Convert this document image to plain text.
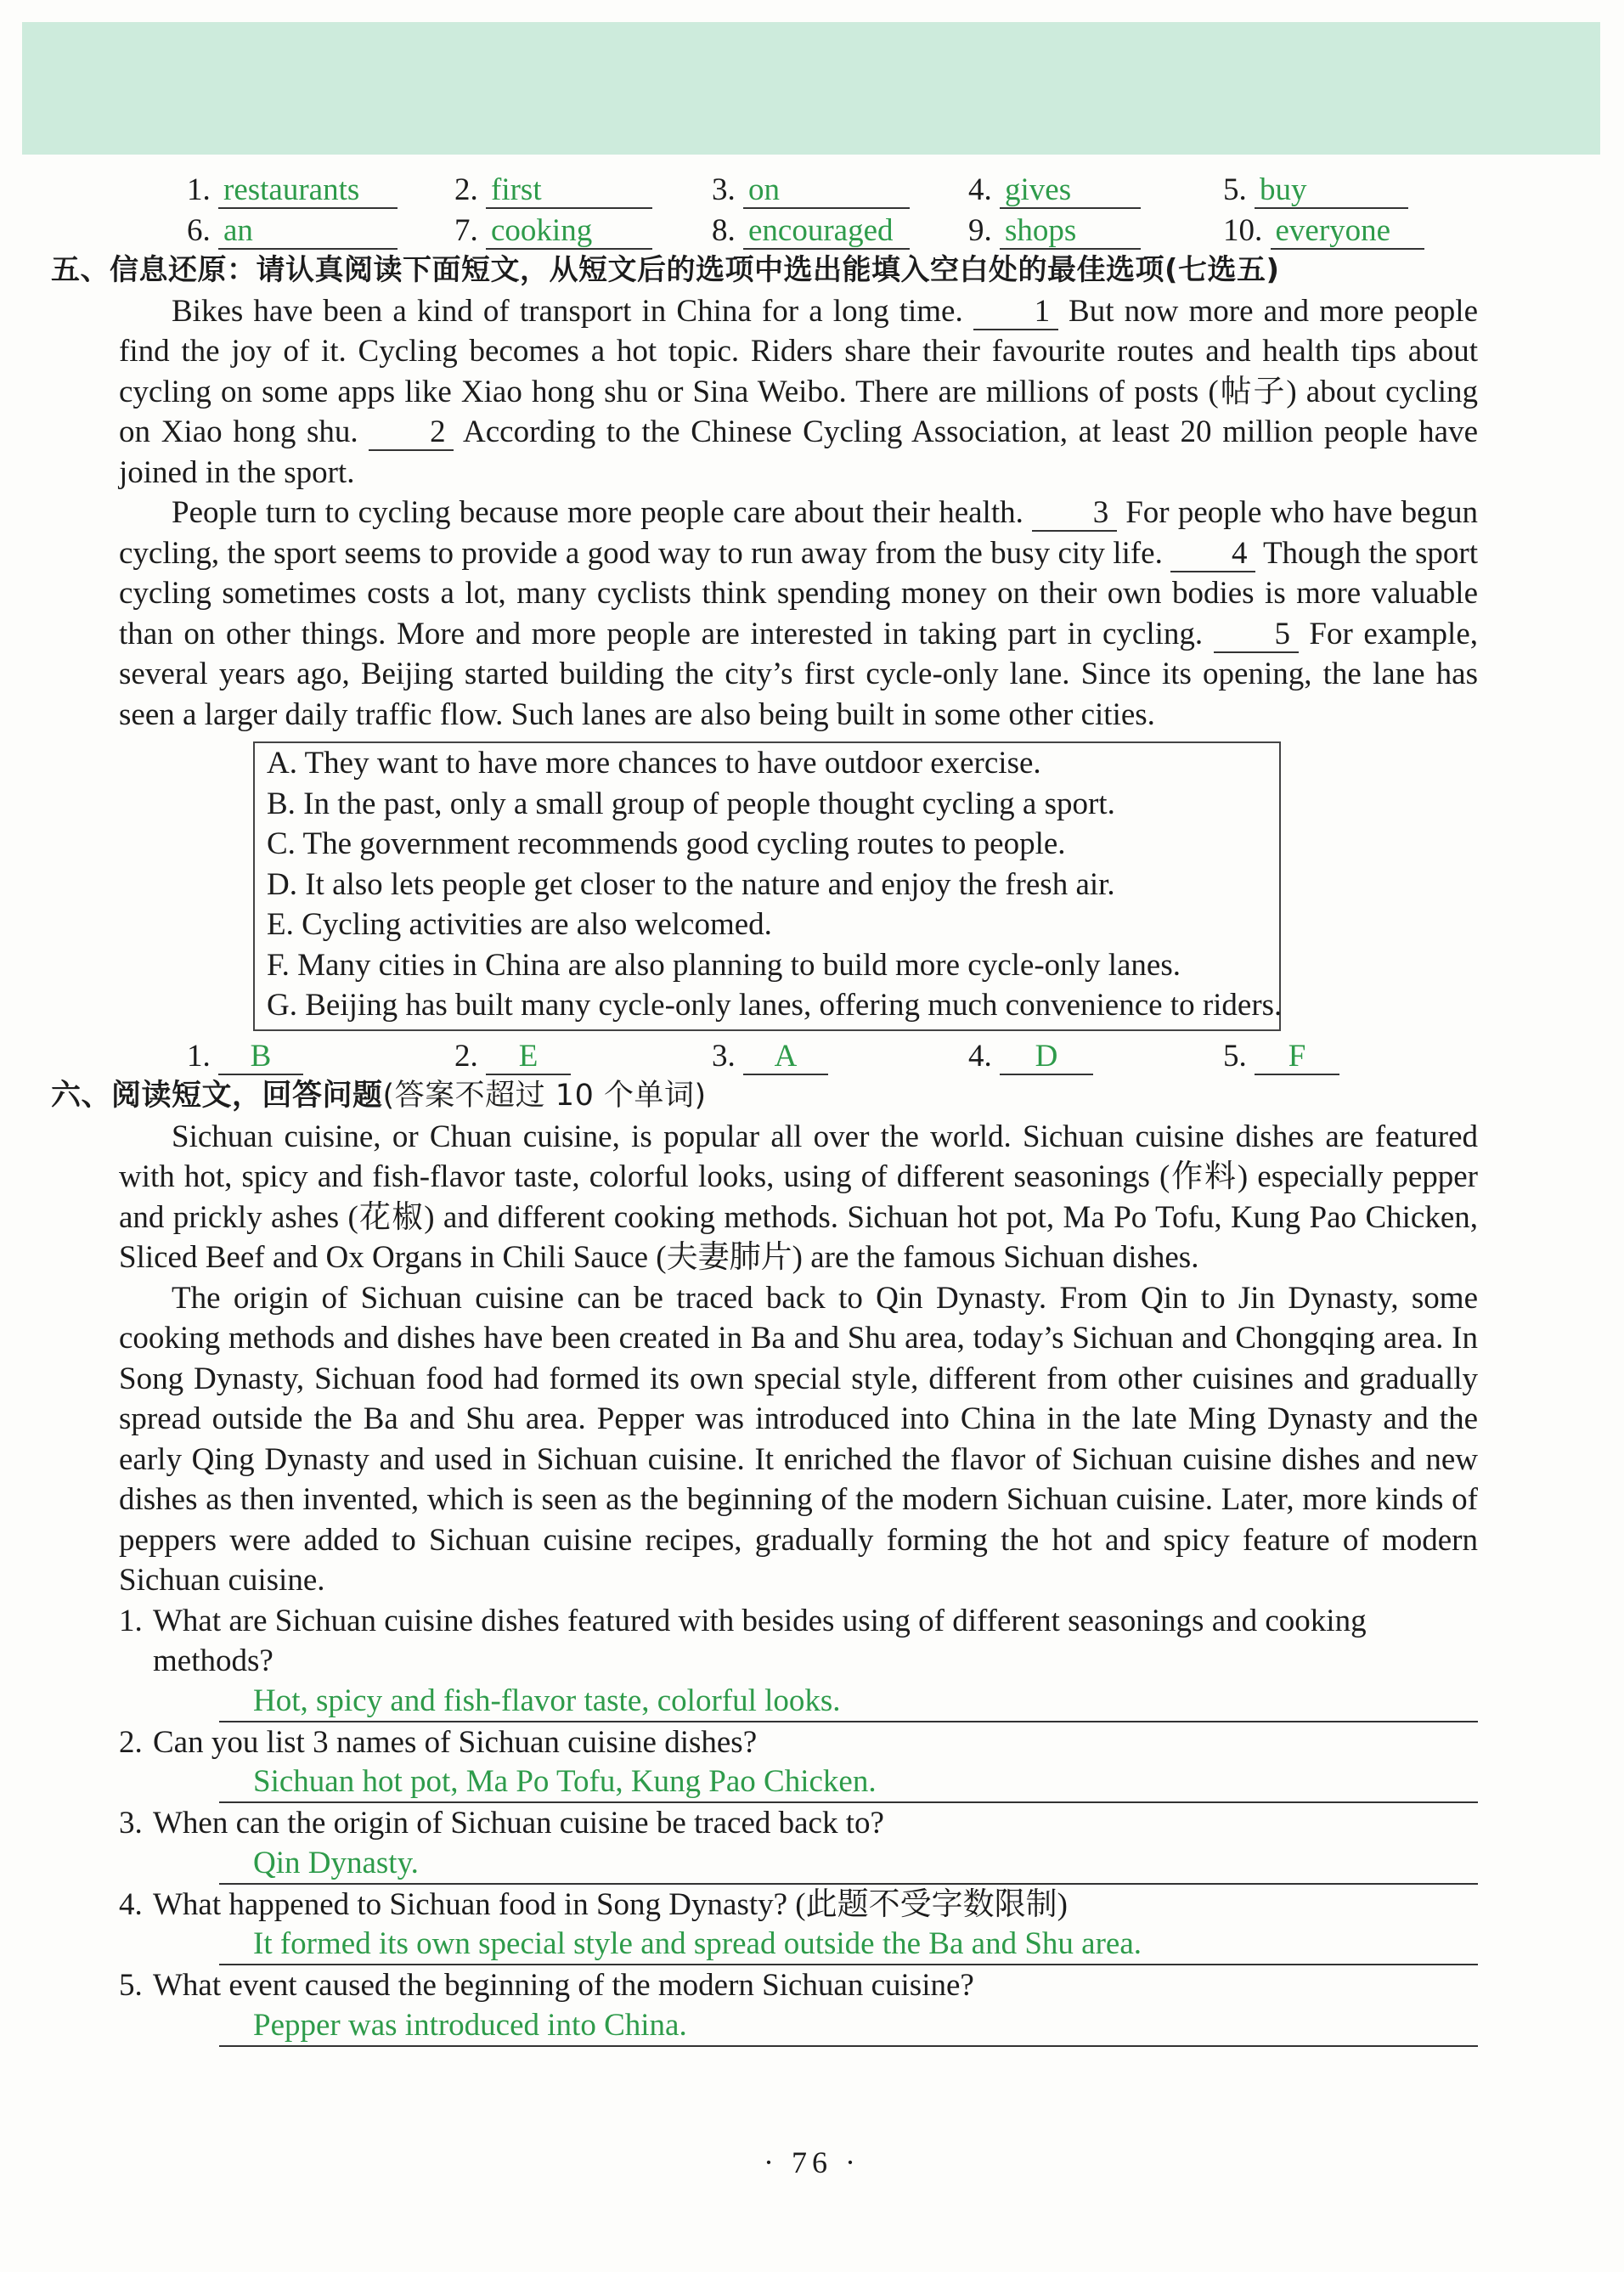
1. restaurants	2. first	3. on	4. gives	5. buy
6. an	7. cooking	8. encouraged	9. shops	10. everyone
五、信息还原：请认真阅读下面短文，从短文后的选项中选出能填入空白处的最佳选项(七选五)

Bikes have been a kind of transport in China for a long time. 1 But now more and more people find the joy of it. Cycling becomes a hot topic. Riders share their favourite routes and health tips about cycling on some apps like Xiao hong shu or Sina Weibo. There are millions of posts (帖子) about cycling on Xiao hong shu. 2 According to the Chinese Cycling Association, at least 20 million people have joined in the sport.

People turn to cycling because more people care about their health. 3 For people who have begun cycling, the sport seems to provide a good way to run away from the busy city life. 4 Though the sport cycling sometimes costs a lot, many cyclists think spending money on their own bodies is more valuable than on other things. More and more people are interested in taking part in cycling. 5 For example, several years ago, Beijing started building the city’s first cycle-only lane. Since its opening, the lane has seen a larger daily traffic flow. Such lanes are also being built in some other cities.

A. They want to have more chances to have outdoor exercise.
B. In the past, only a small group of people thought cycling a sport.
C. The government recommends good cycling routes to people.
D. It also lets people get closer to the nature and enjoy the fresh air.
E. Cycling activities are also welcomed.
F. Many cities in China are also planning to build more cycle-only lanes.
G. Beijing has built many cycle-only lanes, offering much convenience to riders.
1. B	2. E	3. A	4. D	5. F
六、阅读短文，回答问题(答案不超过 10 个单词)

Sichuan cuisine, or Chuan cuisine, is popular all over the world. Sichuan cuisine dishes are featured with hot, spicy and fish-flavor taste, colorful looks, using of different seasonings (作料) especially pepper and prickly ashes (花椒) and different cooking methods. Sichuan hot pot, Ma Po Tofu, Kung Pao Chicken, Sliced Beef and Ox Organs in Chili Sauce (夫妻肺片) are the famous Sichuan dishes.

The origin of Sichuan cuisine can be traced back to Qin Dynasty. From Qin to Jin Dynasty, some cooking methods and dishes have been created in Ba and Shu area, today’s Sichuan and Chongqing area. In Song Dynasty, Sichuan food had formed its own special style, different from other cuisines and gradually spread outside the Ba and Shu area. Pepper was introduced into China in the late Ming Dynasty and the early Qing Dynasty and used in Sichuan cuisine. It enriched the flavor of Sichuan cuisine dishes and new dishes as then invented, which is seen as the beginning of the modern Sichuan cuisine. Later, more kinds of peppers were added to Sichuan cuisine recipes, gradually forming the hot and spicy feature of modern Sichuan cuisine.

1. What are Sichuan cuisine dishes featured with besides using of different seasonings and cooking methods?
Hot, spicy and fish-flavor taste, colorful looks.
2. Can you list 3 names of Sichuan cuisine dishes?
Sichuan hot pot, Ma Po Tofu, Kung Pao Chicken.
3. When can the origin of Sichuan cuisine be traced back to?
Qin Dynasty.
4. What happened to Sichuan food in Song Dynasty? (此题不受字数限制)
It formed its own special style and spread outside the Ba and Shu area.
5. What event caused the beginning of the modern Sichuan cuisine?
Pepper was introduced into China.
· 76 ·
